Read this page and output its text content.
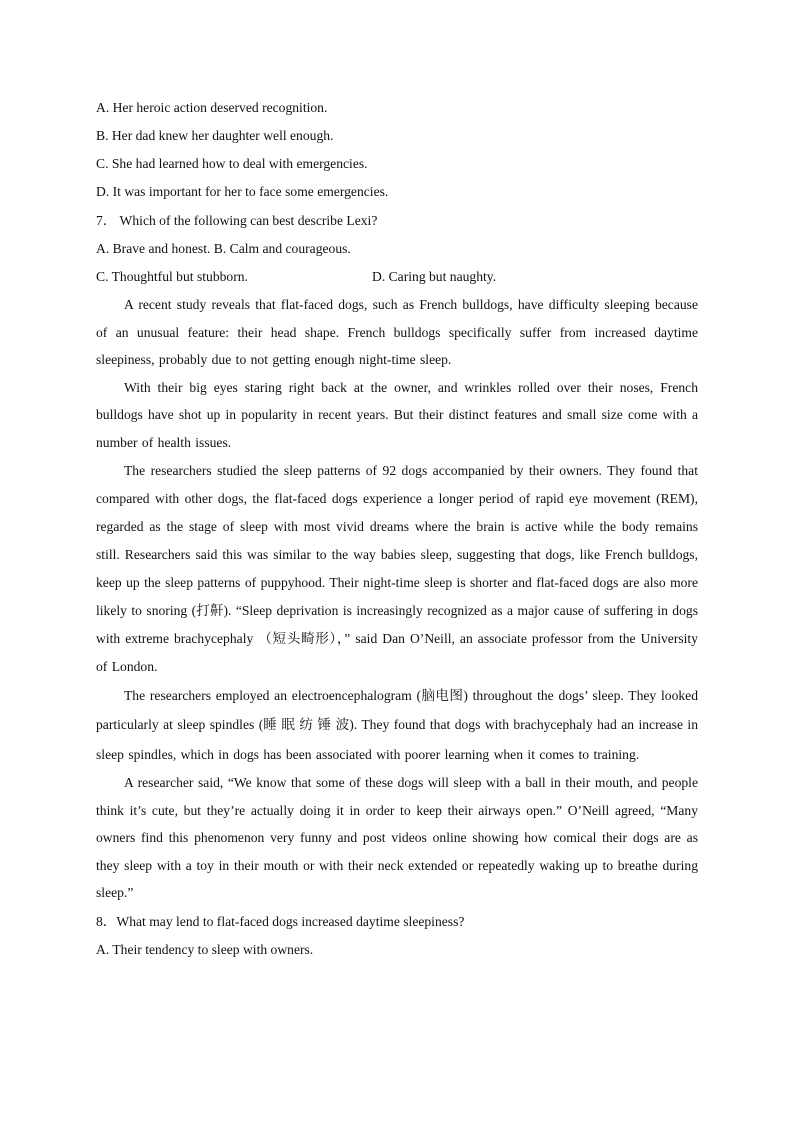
A. Her heroic action deserved recognition.
B. Her dad knew her daughter well enough.
C. She had learned how to deal with emergencies.
D. It was important for her to face some emergencies.
7． Which of the following can best describe Lexi?
A. Brave and honest. B. Calm and courageous.
C. Thoughtful but stubborn.	D. Caring but naughty.

A recent study reveals that flat-faced dogs, such as French bulldogs, have difficulty sleeping because of an unusual feature: their head shape. French bulldogs specifically suffer from increased daytime sleepiness, probably due to not getting enough night-time sleep.

With their big eyes staring right back at the owner, and wrinkles rolled over their noses, French bulldogs have shot up in popularity in recent years. But their distinct features and small size come with a number of health issues.

The researchers studied the sleep patterns of 92 dogs accompanied by their owners. They found that compared with other dogs, the flat-faced dogs experience a longer period of rapid eye movement (REM), regarded as the stage of sleep with most vivid dreams where the brain is active while the body remains still. Researchers said this was similar to the way babies sleep, suggesting that dogs, like French bulldogs, keep up the sleep patterns of puppyhood. Their night-time sleep is shorter and flat-faced dogs are also more likely to snoring (打鼾). “Sleep deprivation is increasingly recognized as a major cause of suffering in dogs with extreme brachycephaly （短头畸形），” said Dan O’Neill, an associate professor from the University of London.

The researchers employed an electroencephalogram (脑电图) throughout the dogs’ sleep. They looked particularly at sleep spindles (睡 眠 纺 锤 波). They found that dogs with brachycephaly had an increase in sleep spindles, which in dogs has been associated with poorer learning when it comes to training.

A researcher said, “We know that some of these dogs will sleep with a ball in their mouth, and people think it’s cute, but they’re actually doing it in order to keep their airways open.” O’Neill agreed, “Many owners find this phenomenon very funny and post videos online showing how comical their dogs are as they sleep with a toy in their mouth or with their neck extended or repeatedly waking up to breathe during sleep.”

8．What may lend to flat-faced dogs increased daytime sleepiness?
A. Their tendency to sleep with owners.
